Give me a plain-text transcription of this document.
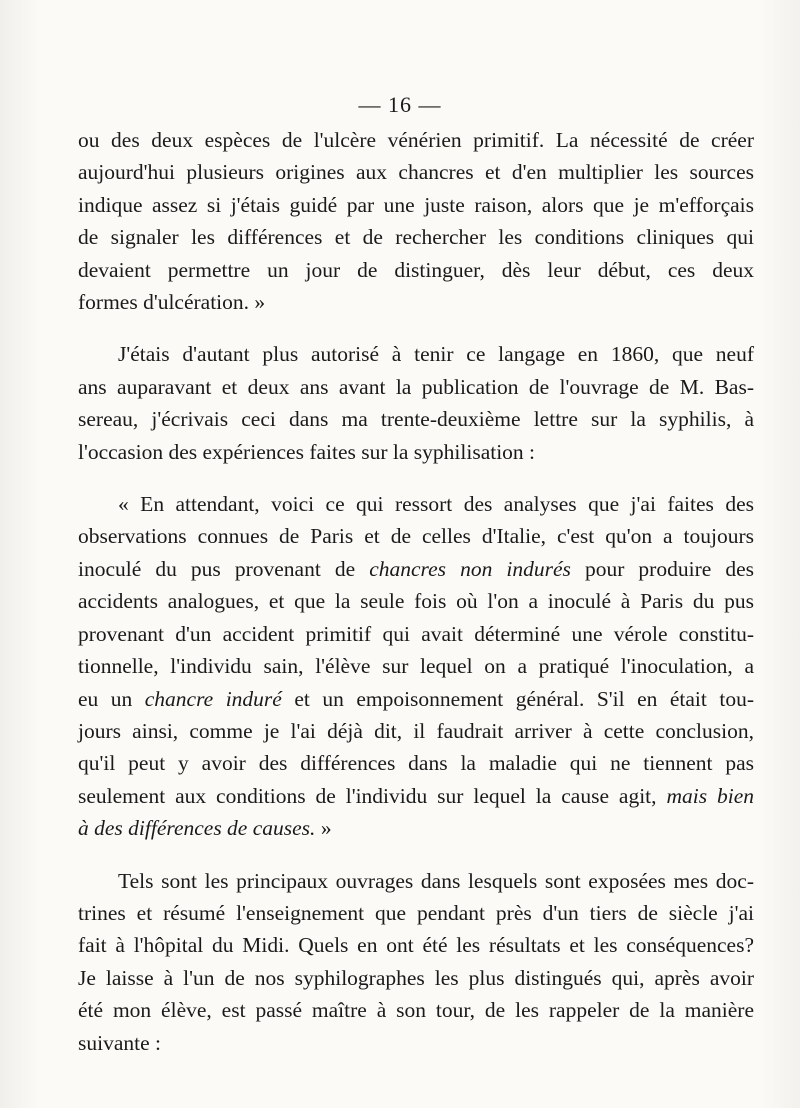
— 16 —

ou des deux espèces de l'ulcère vénérien primitif. La nécessité de créer
aujourd'hui plusieurs origines aux chancres et d'en multiplier les sources
indique assez si j'étais guidé par une juste raison, alors que je m'efforçais
de signaler les différences et de rechercher les conditions cliniques qui
devaient permettre un jour de distinguer, dès leur début, ces deux
formes d'ulcération. »

J'étais d'autant plus autorisé à tenir ce langage en 1860, que neuf
ans auparavant et deux ans avant la publication de l'ouvrage de M. Bas-
sereau, j'écrivais ceci dans ma trente-deuxième lettre sur la syphilis, à
l'occasion des expériences faites sur la syphilisation :

« En attendant, voici ce qui ressort des analyses que j'ai faites des
observations connues de Paris et de celles d'Italie, c'est qu'on a toujours
inoculé du pus provenant de chancres non indurés pour produire des
accidents analogues, et que la seule fois où l'on a inoculé à Paris du pus
provenant d'un accident primitif qui avait déterminé une vérole constitu-
tionnelle, l'individu sain, l'élève sur lequel on a pratiqué l'inoculation, a
eu un chancre induré et un empoisonnement général. S'il en était tou-
jours ainsi, comme je l'ai déjà dit, il faudrait arriver à cette conclusion,
qu'il peut y avoir des différences dans la maladie qui ne tiennent pas
seulement aux conditions de l'individu sur lequel la cause agit, mais bien
à des différences de causes. »

Tels sont les principaux ouvrages dans lesquels sont exposées mes doc-
trines et résumé l'enseignement que pendant près d'un tiers de siècle j'ai
fait à l'hôpital du Midi. Quels en ont été les résultats et les conséquences?
Je laisse à l'un de nos syphilographes les plus distingués qui, après avoir
été mon élève, est passé maître à son tour, de les rappeler de la manière
suivante :
